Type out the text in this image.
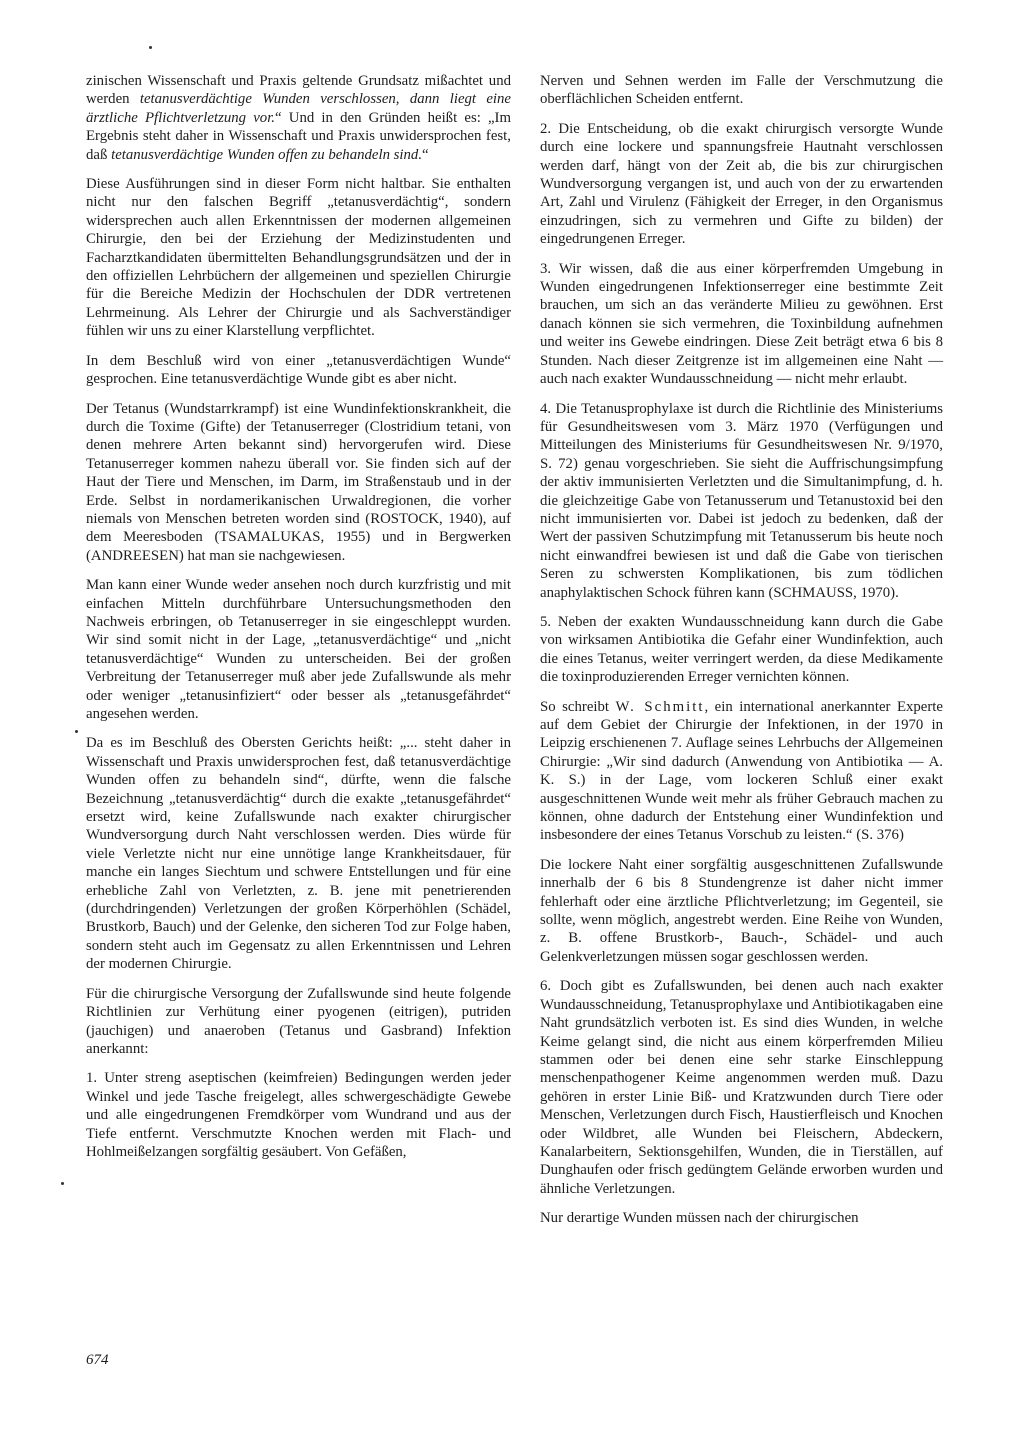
zinischen Wissenschaft und Praxis geltende Grundsatz mißachtet und werden tetanusverdächtige Wunden verschlossen, dann liegt eine ärztliche Pflichtverletzung vor.“ Und in den Gründen heißt es: „Im Ergebnis steht daher in Wissenschaft und Praxis unwidersprochen fest, daß tetanusverdächtige Wunden offen zu behandeln sind.“

Diese Ausführungen sind in dieser Form nicht haltbar. Sie enthalten nicht nur den falschen Begriff „tetanusverdächtig“, sondern widersprechen auch allen Erkenntnissen der modernen allgemeinen Chirurgie, den bei der Erziehung der Medizinstudenten und Facharztkandidaten übermittelten Behandlungsgrundsätzen und der in den offiziellen Lehrbüchern der allgemeinen und speziellen Chirurgie für die Bereiche Medizin der Hochschulen der DDR vertretenen Lehrmeinung. Als Lehrer der Chirurgie und als Sachverständiger fühlen wir uns zu einer Klarstellung verpflichtet.

In dem Beschluß wird von einer „tetanusverdächtigen Wunde“ gesprochen. Eine tetanusverdächtige Wunde gibt es aber nicht.

Der Tetanus (Wundstarrkrampf) ist eine Wundinfektionskrankheit, die durch die Toxime (Gifte) der Tetanuserreger (Clostridium tetani, von denen mehrere Arten bekannt sind) hervorgerufen wird. Diese Tetanuserreger kommen nahezu überall vor. Sie finden sich auf der Haut der Tiere und Menschen, im Darm, im Straßenstaub und in der Erde. Selbst in nordamerikanischen Urwaldregionen, die vorher niemals von Menschen betreten worden sind (ROSTOCK, 1940), auf dem Meeresboden (TSAMALUKAS, 1955) und in Bergwerken (ANDREESEN) hat man sie nachgewiesen.

Man kann einer Wunde weder ansehen noch durch kurzfristig und mit einfachen Mitteln durchführbare Untersuchungsmethoden den Nachweis erbringen, ob Tetanuserreger in sie eingeschleppt wurden. Wir sind somit nicht in der Lage, „tetanusverdächtige“ und „nicht tetanusverdächtige“ Wunden zu unterscheiden. Bei der großen Verbreitung der Tetanuserreger muß aber jede Zufallswunde als mehr oder weniger „tetanusinfiziert“ oder besser als „tetanusgefährdet“ angesehen werden.

Da es im Beschluß des Obersten Gerichts heißt: „... steht daher in Wissenschaft und Praxis unwidersprochen fest, daß tetanusverdächtige Wunden offen zu behandeln sind“, dürfte, wenn die falsche Bezeichnung „tetanusverdächtig“ durch die exakte „tetanusgefährdet“ ersetzt wird, keine Zufallswunde nach exakter chirurgischer Wundversorgung durch Naht verschlossen werden. Dies würde für viele Verletzte nicht nur eine unnötige lange Krankheitsdauer, für manche ein langes Siechtum und schwere Entstellungen und für eine erhebliche Zahl von Verletzten, z. B. jene mit penetrierenden (durchdringenden) Verletzungen der großen Körperhöhlen (Schädel, Brustkorb, Bauch) und der Gelenke, den sicheren Tod zur Folge haben, sondern steht auch im Gegensatz zu allen Erkenntnissen und Lehren der modernen Chirurgie.

Für die chirurgische Versorgung der Zufallswunde sind heute folgende Richtlinien zur Verhütung einer pyogenen (eitrigen), putriden (jauchigen) und anaeroben (Tetanus und Gasbrand) Infektion anerkannt:

1. Unter streng aseptischen (keimfreien) Bedingungen werden jeder Winkel und jede Tasche freigelegt, alles schwergeschädigte Gewebe und alle eingedrungenen Fremdkörper vom Wundrand und aus der Tiefe entfernt. Verschmutzte Knochen werden mit Flach- und Hohlmeißelzangen sorgfältig gesäubert. Von Gefäßen,

Nerven und Sehnen werden im Falle der Verschmutzung die oberflächlichen Scheiden entfernt.

2. Die Entscheidung, ob die exakt chirurgisch versorgte Wunde durch eine lockere und spannungsfreie Hautnaht verschlossen werden darf, hängt von der Zeit ab, die bis zur chirurgischen Wundversorgung vergangen ist, und auch von der zu erwartenden Art, Zahl und Virulenz (Fähigkeit der Erreger, in den Organismus einzudringen, sich zu vermehren und Gifte zu bilden) der eingedrungenen Erreger.

3. Wir wissen, daß die aus einer körperfremden Umgebung in Wunden eingedrungenen Infektionserreger eine bestimmte Zeit brauchen, um sich an das veränderte Milieu zu gewöhnen. Erst danach können sie sich vermehren, die Toxinbildung aufnehmen und weiter ins Gewebe eindringen. Diese Zeit beträgt etwa 6 bis 8 Stunden. Nach dieser Zeitgrenze ist im allgemeinen eine Naht — auch nach exakter Wundausschneidung — nicht mehr erlaubt.

4. Die Tetanusprophylaxe ist durch die Richtlinie des Ministeriums für Gesundheitswesen vom 3. März 1970 (Verfügungen und Mitteilungen des Ministeriums für Gesundheitswesen Nr. 9/1970, S. 72) genau vorgeschrieben. Sie sieht die Auffrischungsimpfung der aktiv immunisierten Verletzten und die Simultanimpfung, d. h. die gleichzeitige Gabe von Tetanusserum und Tetanustoxid bei den nicht immunisierten vor. Dabei ist jedoch zu bedenken, daß der Wert der passiven Schutzimpfung mit Tetanusserum bis heute noch nicht einwandfrei bewiesen ist und daß die Gabe von tierischen Seren zu schwersten Komplikationen, bis zum tödlichen anaphylaktischen Schock führen kann (SCHMAUSS, 1970).

5. Neben der exakten Wundausschneidung kann durch die Gabe von wirksamen Antibiotika die Gefahr einer Wundinfektion, auch die eines Tetanus, weiter verringert werden, da diese Medikamente die toxinproduzierenden Erreger vernichten können.

So schreibt W. Schmitt, ein international anerkannter Experte auf dem Gebiet der Chirurgie der Infektionen, in der 1970 in Leipzig erschienenen 7. Auflage seines Lehrbuchs der Allgemeinen Chirurgie: „Wir sind dadurch (Anwendung von Antibiotika — A. K. S.) in der Lage, vom lockeren Schluß einer exakt ausgeschnittenen Wunde weit mehr als früher Gebrauch machen zu können, ohne dadurch der Entstehung einer Wundinfektion und insbesondere der eines Tetanus Vorschub zu leisten.“ (S. 376)

Die lockere Naht einer sorgfältig ausgeschnittenen Zufallswunde innerhalb der 6 bis 8 Stundengrenze ist daher nicht immer fehlerhaft oder eine ärztliche Pflichtverletzung; im Gegenteil, sie sollte, wenn möglich, angestrebt werden. Eine Reihe von Wunden, z. B. offene Brustkorb-, Bauch-, Schädel- und auch Gelenkverletzungen müssen sogar geschlossen werden.

6. Doch gibt es Zufallswunden, bei denen auch nach exakter Wundausschneidung, Tetanusprophylaxe und Antibiotikagaben eine Naht grundsätzlich verboten ist. Es sind dies Wunden, in welche Keime gelangt sind, die nicht aus einem körperfremden Milieu stammen oder bei denen eine sehr starke Einschleppung menschenpathogener Keime angenommen werden muß. Dazu gehören in erster Linie Biß- und Kratzwunden durch Tiere oder Menschen, Verletzungen durch Fisch, Haustierfleisch und Knochen oder Wildbret, alle Wunden bei Fleischern, Abdeckern, Kanalarbeitern, Sektionsgehilfen, Wunden, die in Tierställen, auf Dunghaufen oder frisch gedüngtem Gelände erworben wurden und ähnliche Verletzungen.

Nur derartige Wunden müssen nach der chirurgischen

674
